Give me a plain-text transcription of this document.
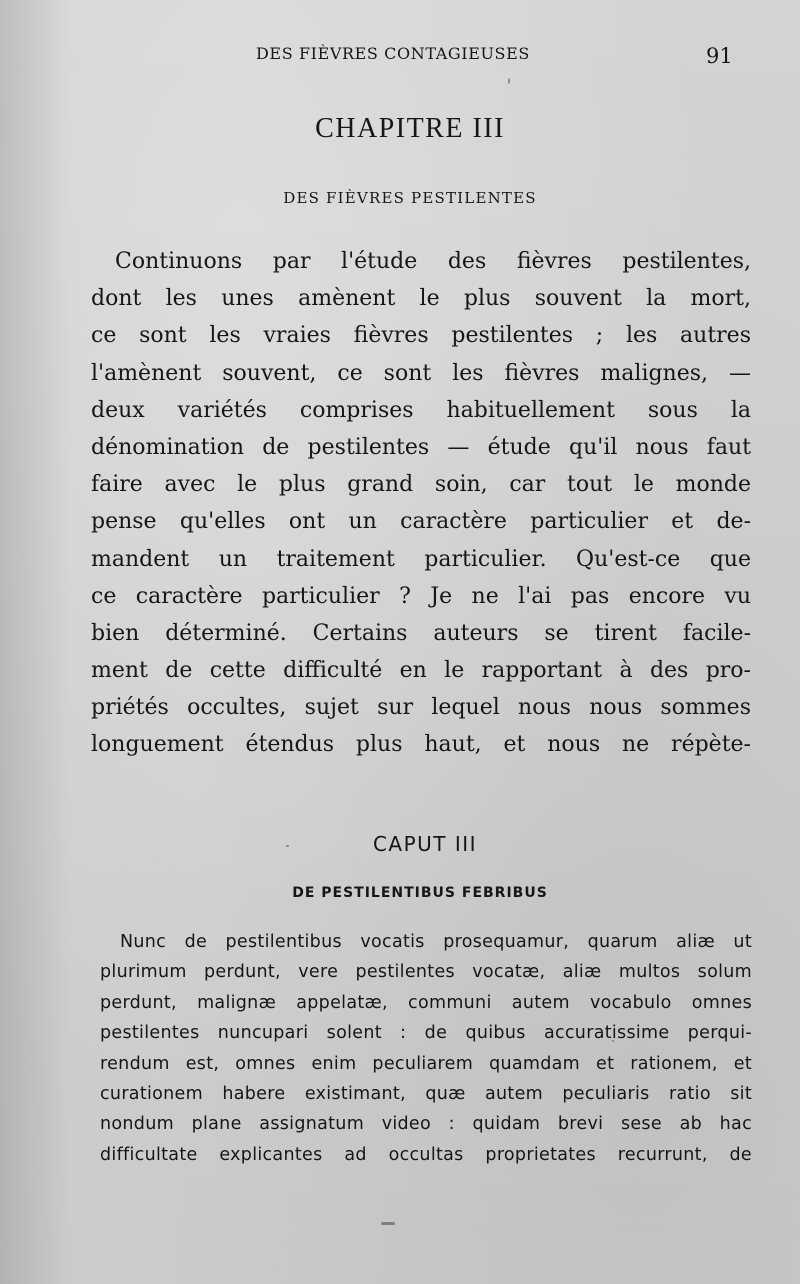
DES FIÈVRES CONTAGIEUSES	91
CHAPITRE III
DES FIÈVRES PESTILENTES
Continuons par l'étude des fièvres pestilentes,
dont les unes amènent le plus souvent la mort,
ce sont les vraies fièvres pestilentes ; les autres
l'amènent souvent, ce sont les fièvres malignes, —
deux variétés comprises habituellement sous la
dénomination de pestilentes — étude qu'il nous faut
faire avec le plus grand soin, car tout le monde
pense qu'elles ont un caractère particulier et de-
mandent un traitement particulier. Qu'est-ce que
ce caractère particulier ? Je ne l'ai pas encore vu
bien déterminé. Certains auteurs se tirent facile-
ment de cette difficulté en le rapportant à des pro-
priétés occultes, sujet sur lequel nous nous sommes
longuement étendus plus haut, et nous ne répète-
CAPUT III
DE PESTILENTIBUS FEBRIBUS
Nunc de pestilentibus vocatis prosequamur, quarum aliæ ut
plurimum perdunt, vere pestilentes vocatæ, aliæ multos solum
perdunt, malignæ appelatæ, communi autem vocabulo omnes
pestilentes nuncupari solent : de quibus accuratissime perqui-
rendum est, omnes enim peculiarem quamdam et rationem, et
curationem habere existimant, quæ autem peculiaris ratio sit
nondum plane assignatum video : quidam brevi sese ab hac
difficultate explicantes ad occultas proprietates recurrunt, de
